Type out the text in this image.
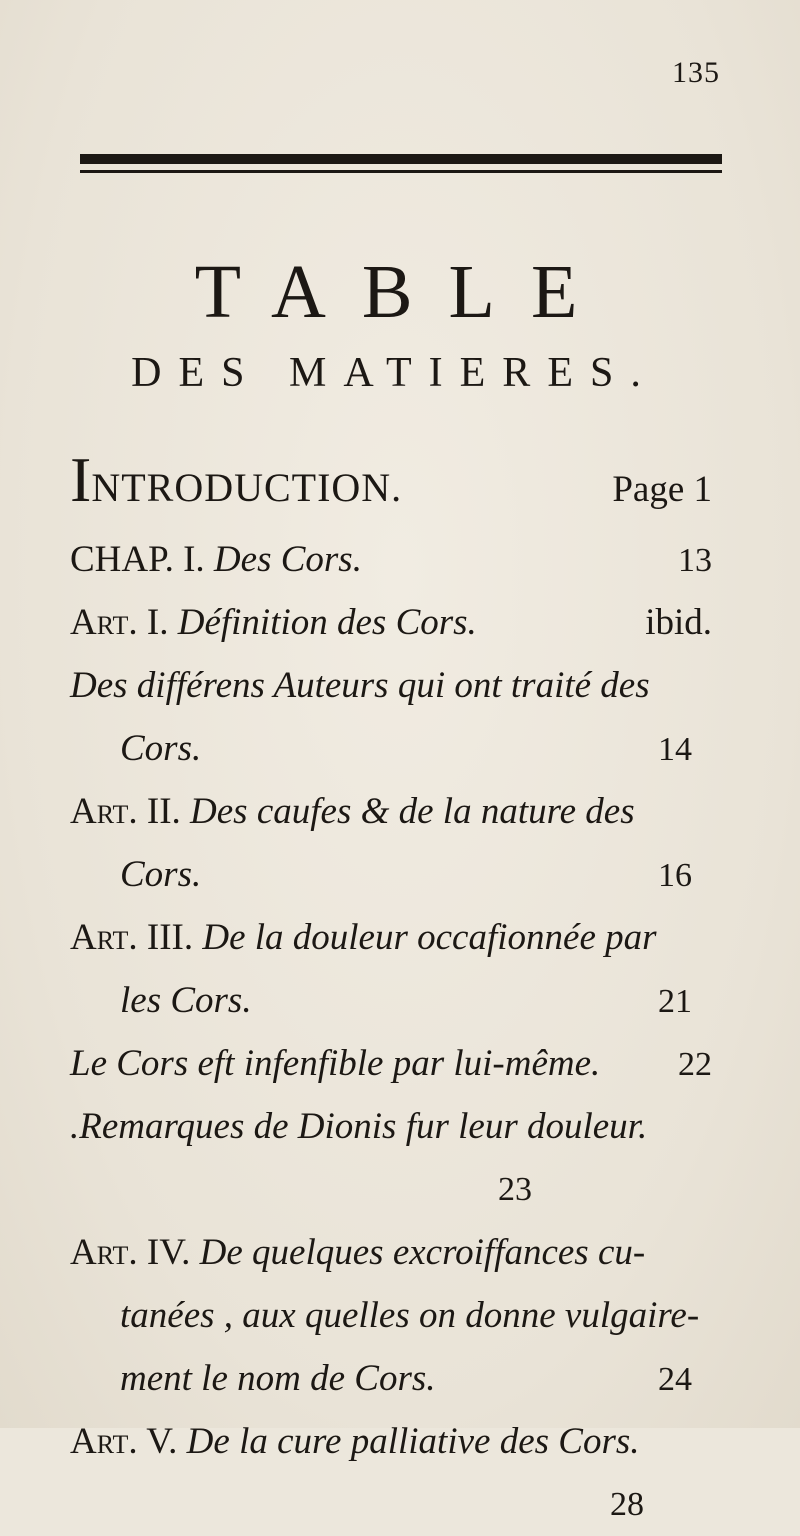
135
TABLE
DES MATIERES.
INTRODUCTION.	Page 1
CHAP. I. Des Cors.	13
Art. I. Définition des Cors.	ibid.
Des différens Auteurs qui ont traité des
Cors.	14
Art. II. Des caufes & de la nature des
Cors.	16
Art. III. De la douleur occafionnée par
les Cors.	21
Le Cors eft infenfible par lui-même. 22
.Remarques de Dionis fur leur douleur.
23
Art. IV. De quelques excroiffances cu-
tanées , aux quelles on donne vulgaire-
ment le nom de Cors.	24
Art. V. De la cure palliative des Cors.
28
